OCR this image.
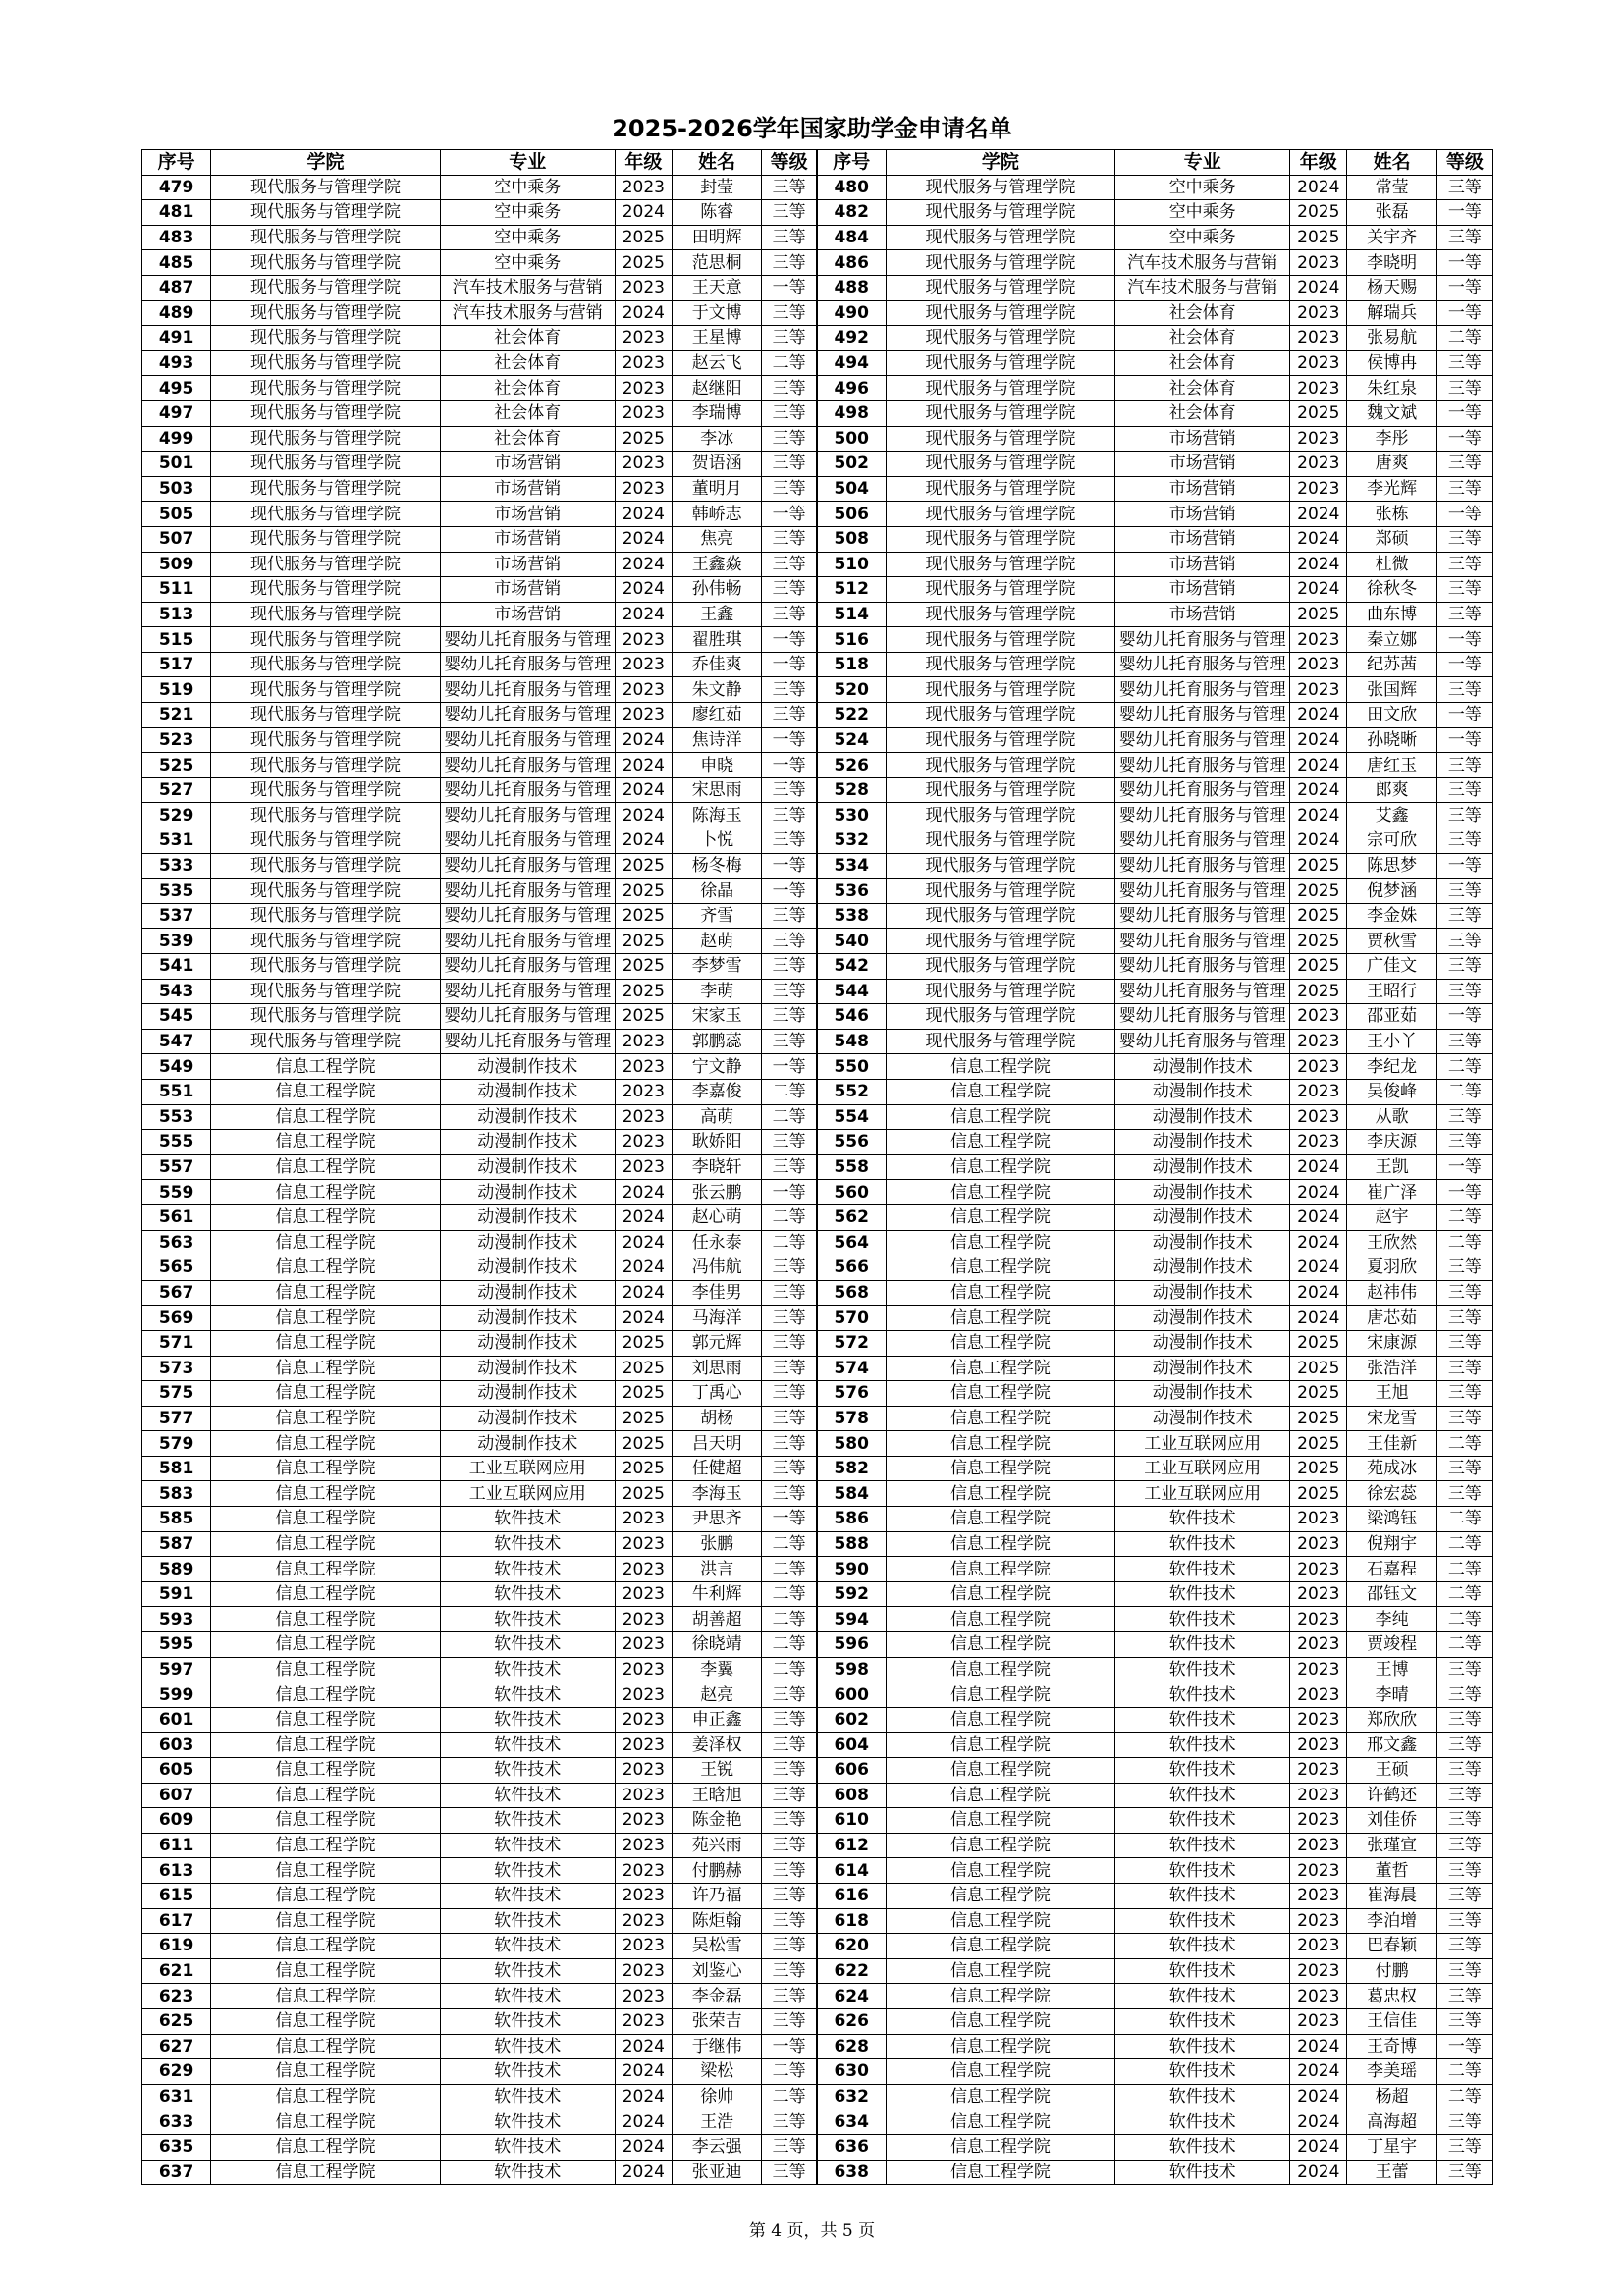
2025-2026学年国家助学金申请名单
序号	学院	专业	年级	姓名	等级	序号	学院	专业	年级	姓名	等级
479	现代服务与管理学院	空中乘务	2023	封莹	三等	480	现代服务与管理学院	空中乘务	2024	常莹	三等
481	现代服务与管理学院	空中乘务	2024	陈睿	三等	482	现代服务与管理学院	空中乘务	2025	张磊	一等
483	现代服务与管理学院	空中乘务	2025	田明辉	三等	484	现代服务与管理学院	空中乘务	2025	关宇齐	三等
485	现代服务与管理学院	空中乘务	2025	范思桐	三等	486	现代服务与管理学院	汽车技术服务与营销	2023	李晓明	一等
487	现代服务与管理学院	汽车技术服务与营销	2023	王天意	一等	488	现代服务与管理学院	汽车技术服务与营销	2024	杨天赐	一等
489	现代服务与管理学院	汽车技术服务与营销	2024	于文博	三等	490	现代服务与管理学院	社会体育	2023	解瑞兵	一等
491	现代服务与管理学院	社会体育	2023	王星博	三等	492	现代服务与管理学院	社会体育	2023	张易航	二等
493	现代服务与管理学院	社会体育	2023	赵云飞	二等	494	现代服务与管理学院	社会体育	2023	侯博冉	三等
495	现代服务与管理学院	社会体育	2023	赵继阳	三等	496	现代服务与管理学院	社会体育	2023	朱红泉	三等
497	现代服务与管理学院	社会体育	2023	李瑞博	三等	498	现代服务与管理学院	社会体育	2025	魏文斌	一等
499	现代服务与管理学院	社会体育	2025	李冰	三等	500	现代服务与管理学院	市场营销	2023	李彤	一等
501	现代服务与管理学院	市场营销	2023	贺语涵	三等	502	现代服务与管理学院	市场营销	2023	唐爽	三等
503	现代服务与管理学院	市场营销	2023	董明月	三等	504	现代服务与管理学院	市场营销	2023	李光辉	三等
505	现代服务与管理学院	市场营销	2024	韩峤志	一等	506	现代服务与管理学院	市场营销	2024	张栋	一等
507	现代服务与管理学院	市场营销	2024	焦亮	三等	508	现代服务与管理学院	市场营销	2024	郑硕	三等
509	现代服务与管理学院	市场营销	2024	王鑫焱	三等	510	现代服务与管理学院	市场营销	2024	杜微	三等
511	现代服务与管理学院	市场营销	2024	孙伟畅	三等	512	现代服务与管理学院	市场营销	2024	徐秋冬	三等
513	现代服务与管理学院	市场营销	2024	王鑫	三等	514	现代服务与管理学院	市场营销	2025	曲东博	三等
515	现代服务与管理学院	婴幼儿托育服务与管理	2023	翟胜琪	一等	516	现代服务与管理学院	婴幼儿托育服务与管理	2023	秦立娜	一等
517	现代服务与管理学院	婴幼儿托育服务与管理	2023	乔佳爽	一等	518	现代服务与管理学院	婴幼儿托育服务与管理	2023	纪苏茜	一等
519	现代服务与管理学院	婴幼儿托育服务与管理	2023	朱文静	三等	520	现代服务与管理学院	婴幼儿托育服务与管理	2023	张国辉	三等
521	现代服务与管理学院	婴幼儿托育服务与管理	2023	廖红茹	三等	522	现代服务与管理学院	婴幼儿托育服务与管理	2024	田文欣	一等
523	现代服务与管理学院	婴幼儿托育服务与管理	2024	焦诗洋	一等	524	现代服务与管理学院	婴幼儿托育服务与管理	2024	孙晓晰	一等
525	现代服务与管理学院	婴幼儿托育服务与管理	2024	申晓	一等	526	现代服务与管理学院	婴幼儿托育服务与管理	2024	唐红玉	三等
527	现代服务与管理学院	婴幼儿托育服务与管理	2024	宋思雨	三等	528	现代服务与管理学院	婴幼儿托育服务与管理	2024	郎爽	三等
529	现代服务与管理学院	婴幼儿托育服务与管理	2024	陈海玉	三等	530	现代服务与管理学院	婴幼儿托育服务与管理	2024	艾鑫	三等
531	现代服务与管理学院	婴幼儿托育服务与管理	2024	卜悦	三等	532	现代服务与管理学院	婴幼儿托育服务与管理	2024	宗可欣	三等
533	现代服务与管理学院	婴幼儿托育服务与管理	2025	杨冬梅	一等	534	现代服务与管理学院	婴幼儿托育服务与管理	2025	陈思梦	一等
535	现代服务与管理学院	婴幼儿托育服务与管理	2025	徐晶	一等	536	现代服务与管理学院	婴幼儿托育服务与管理	2025	倪梦涵	三等
537	现代服务与管理学院	婴幼儿托育服务与管理	2025	齐雪	三等	538	现代服务与管理学院	婴幼儿托育服务与管理	2025	李金姝	三等
539	现代服务与管理学院	婴幼儿托育服务与管理	2025	赵萌	三等	540	现代服务与管理学院	婴幼儿托育服务与管理	2025	贾秋雪	三等
541	现代服务与管理学院	婴幼儿托育服务与管理	2025	李梦雪	三等	542	现代服务与管理学院	婴幼儿托育服务与管理	2025	广佳文	三等
543	现代服务与管理学院	婴幼儿托育服务与管理	2025	李萌	三等	544	现代服务与管理学院	婴幼儿托育服务与管理	2025	王昭行	三等
545	现代服务与管理学院	婴幼儿托育服务与管理	2025	宋家玉	三等	546	现代服务与管理学院	婴幼儿托育服务与管理	2023	邵亚茹	一等
547	现代服务与管理学院	婴幼儿托育服务与管理	2023	郭鹏蕊	三等	548	现代服务与管理学院	婴幼儿托育服务与管理	2023	王小丫	三等
549	信息工程学院	动漫制作技术	2023	宁文静	一等	550	信息工程学院	动漫制作技术	2023	李纪龙	二等
551	信息工程学院	动漫制作技术	2023	李嘉俊	二等	552	信息工程学院	动漫制作技术	2023	吴俊峰	二等
553	信息工程学院	动漫制作技术	2023	高萌	二等	554	信息工程学院	动漫制作技术	2023	从歌	三等
555	信息工程学院	动漫制作技术	2023	耿娇阳	三等	556	信息工程学院	动漫制作技术	2023	李庆源	三等
557	信息工程学院	动漫制作技术	2023	李晓轩	三等	558	信息工程学院	动漫制作技术	2024	王凯	一等
559	信息工程学院	动漫制作技术	2024	张云鹏	一等	560	信息工程学院	动漫制作技术	2024	崔广泽	一等
561	信息工程学院	动漫制作技术	2024	赵心萌	二等	562	信息工程学院	动漫制作技术	2024	赵宇	二等
563	信息工程学院	动漫制作技术	2024	任永泰	二等	564	信息工程学院	动漫制作技术	2024	王欣然	二等
565	信息工程学院	动漫制作技术	2024	冯伟航	三等	566	信息工程学院	动漫制作技术	2024	夏羽欣	三等
567	信息工程学院	动漫制作技术	2024	李佳男	三等	568	信息工程学院	动漫制作技术	2024	赵祎伟	三等
569	信息工程学院	动漫制作技术	2024	马海洋	三等	570	信息工程学院	动漫制作技术	2024	唐芯茹	三等
571	信息工程学院	动漫制作技术	2025	郭元辉	三等	572	信息工程学院	动漫制作技术	2025	宋康源	三等
573	信息工程学院	动漫制作技术	2025	刘思雨	三等	574	信息工程学院	动漫制作技术	2025	张浩洋	三等
575	信息工程学院	动漫制作技术	2025	丁禹心	三等	576	信息工程学院	动漫制作技术	2025	王旭	三等
577	信息工程学院	动漫制作技术	2025	胡杨	三等	578	信息工程学院	动漫制作技术	2025	宋龙雪	三等
579	信息工程学院	动漫制作技术	2025	吕天明	三等	580	信息工程学院	工业互联网应用	2025	王佳新	二等
581	信息工程学院	工业互联网应用	2025	任健超	三等	582	信息工程学院	工业互联网应用	2025	苑成冰	三等
583	信息工程学院	工业互联网应用	2025	李海玉	三等	584	信息工程学院	工业互联网应用	2025	徐宏蕊	三等
585	信息工程学院	软件技术	2023	尹思齐	一等	586	信息工程学院	软件技术	2023	梁鸿钰	二等
587	信息工程学院	软件技术	2023	张鹏	二等	588	信息工程学院	软件技术	2023	倪翔宇	二等
589	信息工程学院	软件技术	2023	洪言	二等	590	信息工程学院	软件技术	2023	石嘉程	二等
591	信息工程学院	软件技术	2023	牛利辉	二等	592	信息工程学院	软件技术	2023	邵钰文	二等
593	信息工程学院	软件技术	2023	胡善超	二等	594	信息工程学院	软件技术	2023	李纯	二等
595	信息工程学院	软件技术	2023	徐晓靖	二等	596	信息工程学院	软件技术	2023	贾竣程	二等
597	信息工程学院	软件技术	2023	李翼	二等	598	信息工程学院	软件技术	2023	王博	三等
599	信息工程学院	软件技术	2023	赵亮	三等	600	信息工程学院	软件技术	2023	李晴	三等
601	信息工程学院	软件技术	2023	申正鑫	三等	602	信息工程学院	软件技术	2023	郑欣欣	三等
603	信息工程学院	软件技术	2023	姜泽权	三等	604	信息工程学院	软件技术	2023	邢文鑫	三等
605	信息工程学院	软件技术	2023	王锐	三等	606	信息工程学院	软件技术	2023	王硕	三等
607	信息工程学院	软件技术	2023	王晗旭	三等	608	信息工程学院	软件技术	2023	许鹤还	三等
609	信息工程学院	软件技术	2023	陈金艳	三等	610	信息工程学院	软件技术	2023	刘佳侨	三等
611	信息工程学院	软件技术	2023	苑兴雨	三等	612	信息工程学院	软件技术	2023	张瑾宣	三等
613	信息工程学院	软件技术	2023	付鹏赫	三等	614	信息工程学院	软件技术	2023	董哲	三等
615	信息工程学院	软件技术	2023	许乃福	三等	616	信息工程学院	软件技术	2023	崔海晨	三等
617	信息工程学院	软件技术	2023	陈炬翰	三等	618	信息工程学院	软件技术	2023	李泊增	三等
619	信息工程学院	软件技术	2023	吴松雪	三等	620	信息工程学院	软件技术	2023	巴春颖	三等
621	信息工程学院	软件技术	2023	刘鉴心	三等	622	信息工程学院	软件技术	2023	付鹏	三等
623	信息工程学院	软件技术	2023	李金磊	三等	624	信息工程学院	软件技术	2023	葛忠权	三等
625	信息工程学院	软件技术	2023	张荣吉	三等	626	信息工程学院	软件技术	2023	王信佳	三等
627	信息工程学院	软件技术	2024	于继伟	一等	628	信息工程学院	软件技术	2024	王奇博	一等
629	信息工程学院	软件技术	2024	梁松	二等	630	信息工程学院	软件技术	2024	李美瑶	二等
631	信息工程学院	软件技术	2024	徐帅	二等	632	信息工程学院	软件技术	2024	杨超	二等
633	信息工程学院	软件技术	2024	王浩	三等	634	信息工程学院	软件技术	2024	高海超	三等
635	信息工程学院	软件技术	2024	李云强	三等	636	信息工程学院	软件技术	2024	丁星宇	三等
637	信息工程学院	软件技术	2024	张亚迪	三等	638	信息工程学院	软件技术	2024	王蕾	三等
第 4 页，共 5 页
